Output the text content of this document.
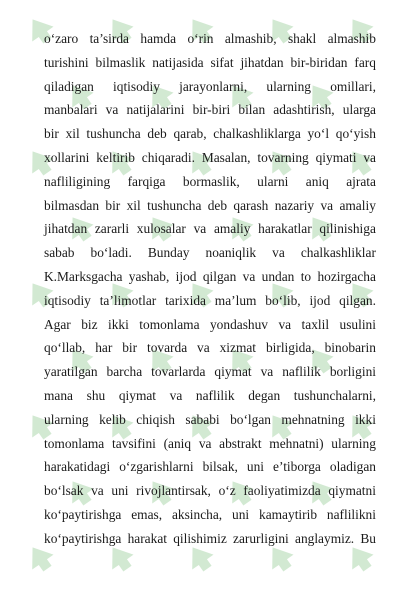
o‘zaro ta’sirda hamda o‘rin almashib, shakl almashib
turishini bilmaslik natijasida sifat jihatdan bir-biridan farq
qiladigan iqtisodiy jarayonlarni, ularning omillari,
manbalari va natijalarini bir-biri bilan adashtirish, ularga
bir xil tushuncha deb qarab, chalkashliklarga yo‘l qo‘yish
xollarini keltirib chiqaradi. Masalan, tovarning qiymati va
nafliligining farqiga bormaslik, ularni aniq ajrata
bilmasdan bir xil tushuncha deb qarash nazariy va amaliy
jihatdan zararli xulosalar va amaliy harakatlar qilinishiga
sabab bo‘ladi. Bunday noaniqlik va chalkashliklar
K.Marksgacha yashab, ijod qilgan va undan to hozirgacha
iqtisodiy ta’limotlar tarixida ma’lum bo‘lib, ijod qilgan.
Agar biz ikki tomonlama yondashuv va taxlil usulini
qo‘llab, har bir tovarda va xizmat birligida, binobarin
yaratilgan barcha tovarlarda qiymat va naflilik borligini
mana shu qiymat va naflilik degan tushunchalarni,
ularning kelib chiqish sababi bo‘lgan mehnatning ikki
tomonlama tavsifini (aniq va abstrakt mehnatni) ularning
harakatidagi o‘zgarishlarni bilsak, uni e’tiborga oladigan
bo‘lsak va uni rivojlantirsak, o‘z faoliyatimizda qiymatni
ko‘paytirishga emas, aksincha, uni kamaytirib naflilikni
ko‘paytirishga harakat qilishimiz zarurligini anglaymiz. Bu
